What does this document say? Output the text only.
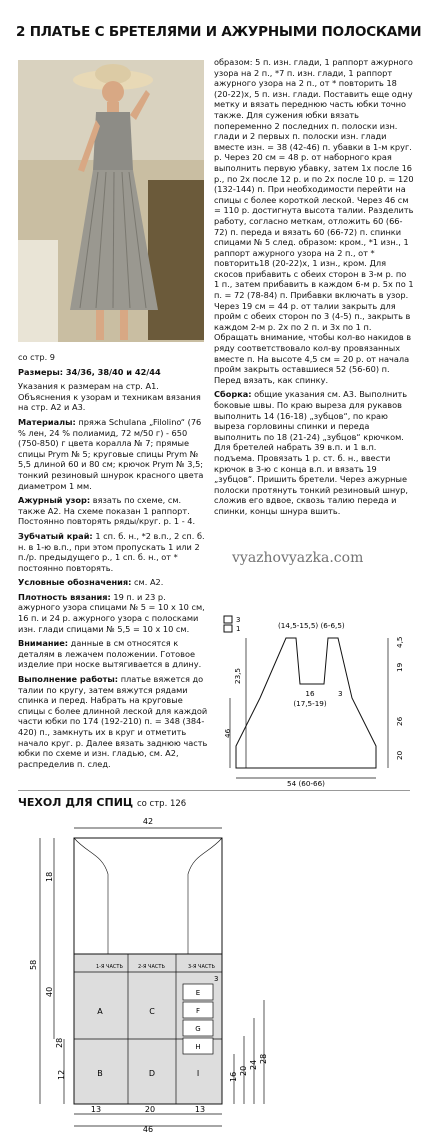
2 ПЛАТЬЕ С БРЕТЕЛЯМИ И АЖУРНЫМИ ПОЛОСКАМИ

со стр. 9

Размеры: 34/36, 38/40 и 42/44

Указания к размерам на стр. А1. Объяснения к узорам и техникам вязания на стр. А2 и А3.

Материалы: пряжа Schulana „Filolino“ (76 % лен, 24 % полиамид, 72 м/50 г) - 650 (750-850) г цвета коралла № 7; прямые спицы Prym № 5; круговые спицы Prym № 5,5 длиной 60 и 80 см; крючок Prym № 3,5; тонкий резиновый шнурок красного цвета диаметром 1 мм.

Ажурный узор: вязать по схеме, см. также А2. На схеме показан 1 раппорт. Постоянно повторять ряды/круг. р. 1 - 4.

Зубчатый край: 1 сп. б. н., *2 в.п., 2 сп. б. н. в 1-ю в.п., при этом пропускать 1 или 2 п./р. предыдущего р., 1 сп. б. н., от * постоянно повторять.

Условные обозначения: см. А2.

Плотность вязания: 19 п. и 23 р. ажурного узора спицами № 5 = 10 х 10 см, 16 п. и 24 р. ажурного узора с полосками изн. глади спицами № 5,5 = 10 х 10 см.

Внимание: данные в см относятся к деталям в лежачем положении. Готовое изделие при носке вытягивается в длину.

Выполнение работы: платье вяжется до талии по кругу, затем вяжутся рядами спинка и перед. Набрать на круговые спицы с более длинной леской для каждой части юбки по 174 (192-210) п. = 348 (384-420) п., замкнуть их в круг и отметить начало круг. р. Далее вязать заднюю часть юбки по схеме и изн. гладью, см. А2, распределив п. след.

образом: 5 п. изн. глади, 1 раппорт ажурного узора на 2 п., *7 п. изн. глади, 1 раппорт ажурного узора на 2 п., от * повторить 18 (20-22)х, 5 п. изн. глади. Поставить еще одну метку и вязать переднюю часть юбки точно также. Для сужения юбки вязать попеременно 2 последних п. полоски изн. глади и 2 первых п. полоски изн. глади вместе изн. = 38 (42-46) п. убавки в 1-м круг. р. Через 20 см = 48 р. от наборного края выполнить первую убавку, затем 1х после 16 р., по 2х после 12 р. и по 2х после 10 р. = 120 (132-144) п. При необходимости перейти на спицы с более короткой леской. Через 46 см = 110 р. достигнута высота талии. Разделить работу, согласно меткам, отложить 60 (66-72) п. переда и вязать 60 (66-72) п. спинки спицами № 5 след. образом: кром., *1 изн., 1 раппорт ажурного узора на 2 п., от * повторить18 (20-22)х, 1 изн., кром. Для скосов прибавить с обеих сторон в 3-м р. по 1 п., затем прибавить в каждом 6-м р. 5х по 1 п. = 72 (78-84) п. Прибавки включать в узор. Через 19 см = 44 р. от талии закрыть для пройм с обеих сторон по 3 (4-5) п., закрыть в каждом 2-м р. 2х по 2 п. и 3х по 1 п. Обращать внимание, чтобы кол-во накидов в ряду соответствовало кол-ву провязанных вместе п. На высоте 4,5 см = 20 р. от начала пройм закрыть оставшиеся 52 (56-60) п. Перед вязать, как спинку.

Сборка: общие указания см. А3. Выполнить боковые швы. По краю выреза для рукавов выполнить 14 (16-18) „зубцов“, по краю выреза горловины спинки и переда выполнить по 18 (21-24) „зубцов“ крючком. Для бретелей набрать 39 в.п. и 1 в.п. подъема. Провязать 1 р. ст. б. н., ввести крючок в 3-ю с конца в.п. и вязать 19 „зубцов“. Пришить бретели. Через ажурные полоски протянуть тонкий резиновый шнур, сложив его вдвое, сквозь талию переда и спинки, концы шнура вшить.

vyazhovyazka.com
3
1	(14,5-15,5) (6-6,5)
23,5
46
4,5
19
26
20
16
(17,5-19)
3
54 (60-66)
ЧЕХОЛ ДЛЯ СПИЦ со стр. 126
42
1-Я ЧАСТЬ	2-Я ЧАСТЬ	3-Я ЧАСТЬ
A	C
B	D
E
F
G
H
I
58
18
40
28
12	16
20
24
28
3
13	20	13
46
